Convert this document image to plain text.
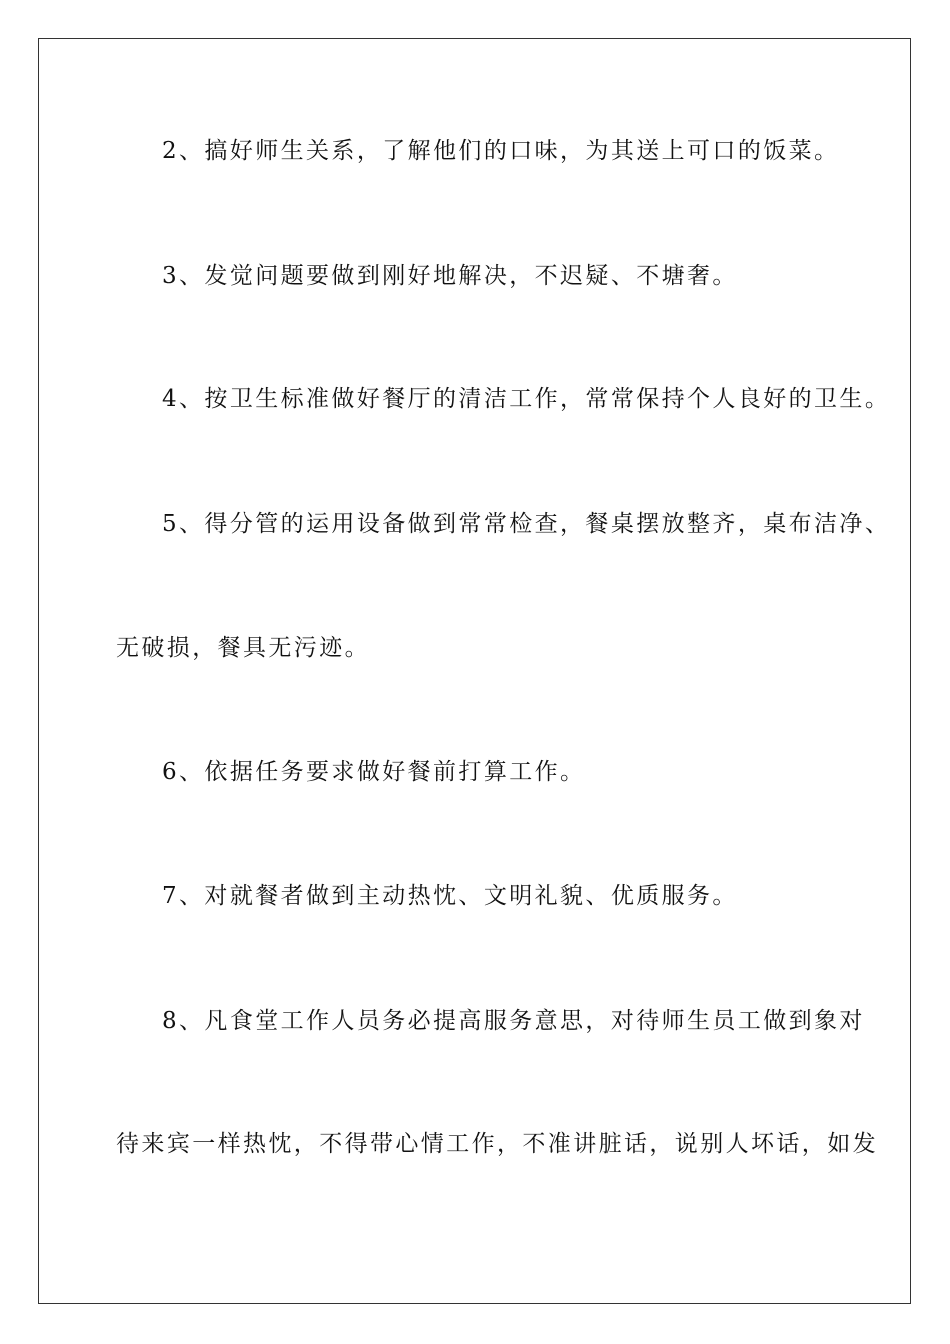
2、搞好师生关系，了解他们的口味，为其送上可口的饭菜。
3、发觉问题要做到刚好地解决，不迟疑、不塘奢。
4、按卫生标准做好餐厅的清洁工作，常常保持个人良好的卫生。
5、得分管的运用设备做到常常检查，餐桌摆放整齐，桌布洁净、
无破损，餐具无污迹。
6、依据任务要求做好餐前打算工作。
7、对就餐者做到主动热忱、文明礼貌、优质服务。
8、凡食堂工作人员务必提高服务意思，对待师生员工做到象对
待来宾一样热忱，不得带心情工作，不准讲脏话，说别人坏话，如发
